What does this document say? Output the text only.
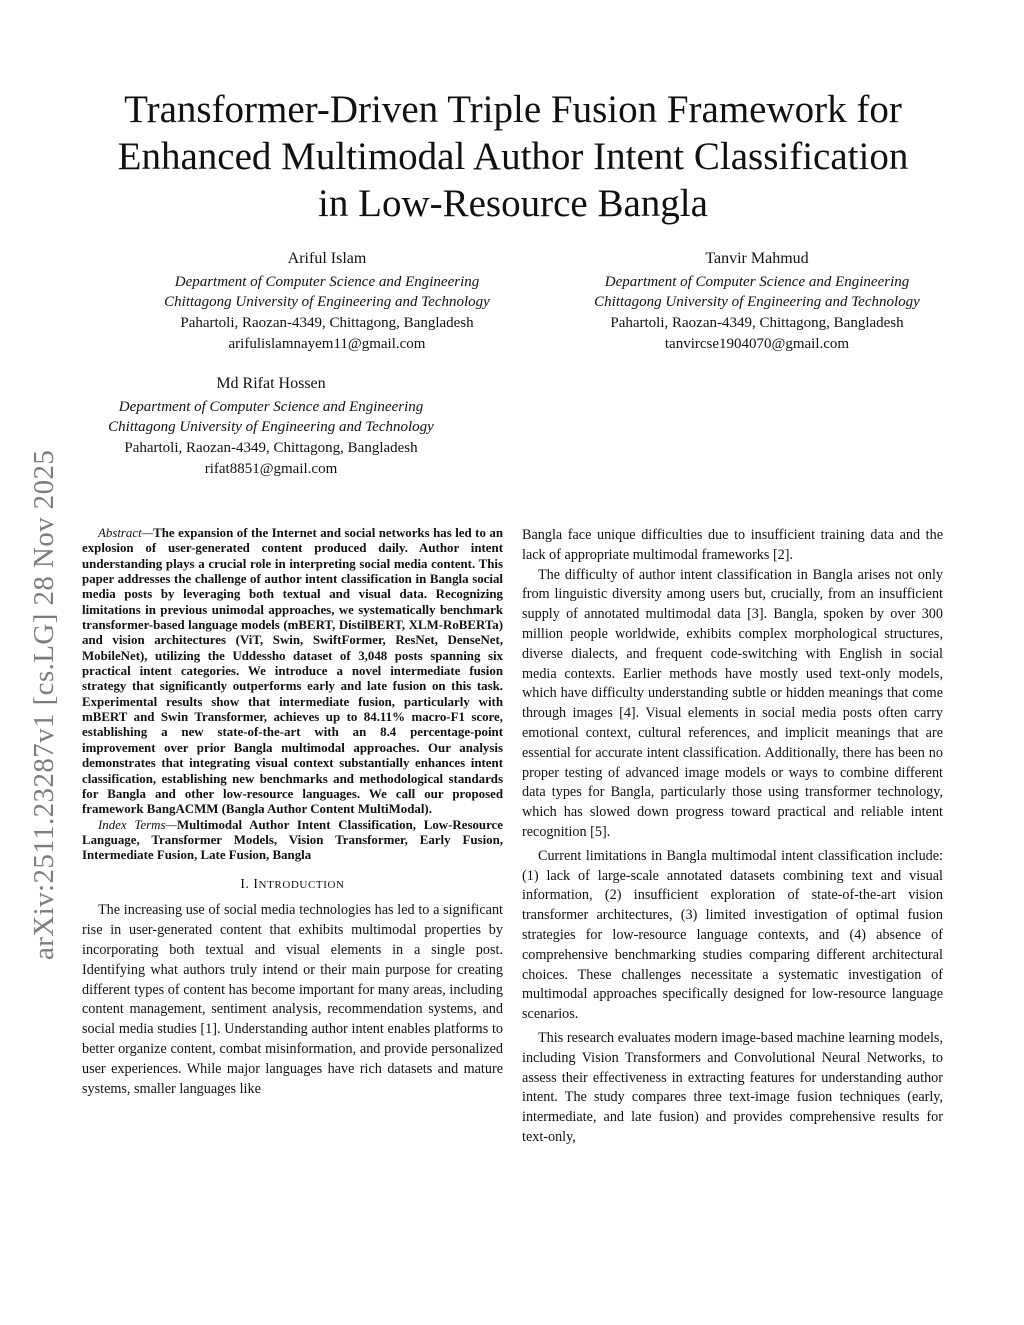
arXiv:2511.23287v1 [cs.LG] 28 Nov 2025
Transformer-Driven Triple Fusion Framework for
Enhanced Multimodal Author Intent Classification
in Low-Resource Bangla
Ariful Islam
Department of Computer Science and Engineering
Chittagong University of Engineering and Technology
Pahartoli, Raozan-4349, Chittagong, Bangladesh
arifulislamnayem11@gmail.com
Tanvir Mahmud
Department of Computer Science and Engineering
Chittagong University of Engineering and Technology
Pahartoli, Raozan-4349, Chittagong, Bangladesh
tanvircse1904070@gmail.com
Md Rifat Hossen
Department of Computer Science and Engineering
Chittagong University of Engineering and Technology
Pahartoli, Raozan-4349, Chittagong, Bangladesh
rifat8851@gmail.com

Abstract—The expansion of the Internet and social networks has led to an explosion of user-generated content produced daily. Author intent understanding plays a crucial role in interpreting social media content. This paper addresses the challenge of author intent classification in Bangla social media posts by leveraging both textual and visual data. Recognizing limitations in previous unimodal approaches, we systematically benchmark transformer-based language models (mBERT, DistilBERT, XLM-RoBERTa) and vision architectures (ViT, Swin, SwiftFormer, ResNet, DenseNet, MobileNet), utilizing the Uddessho dataset of 3,048 posts spanning six practical intent categories. We introduce a novel intermediate fusion strategy that significantly outperforms early and late fusion on this task. Experimental results show that intermediate fusion, particularly with mBERT and Swin Transformer, achieves up to 84.11% macro-F1 score, establishing a new state-of-the-art with an 8.4 percentage-point improvement over prior Bangla multimodal approaches. Our analysis demonstrates that integrating visual context substantially enhances intent classification, establishing new benchmarks and methodological standards for Bangla and other low-resource languages. We call our proposed framework BangACMM (Bangla Author Content MultiModal).

Index Terms—Multimodal Author Intent Classification, Low-Resource Language, Transformer Models, Vision Transformer, Early Fusion, Intermediate Fusion, Late Fusion, Bangla

I. INTRODUCTION

The increasing use of social media technologies has led to a significant rise in user-generated content that exhibits multimodal properties by incorporating both textual and visual elements in a single post. Identifying what authors truly intend or their main purpose for creating different types of content has become important for many areas, including content management, sentiment analysis, recommendation systems, and social media studies [1]. Understanding author intent enables platforms to better organize content, combat misinformation, and provide personalized user experiences. While major languages have rich datasets and mature systems, smaller languages like

Bangla face unique difficulties due to insufficient training data and the lack of appropriate multimodal frameworks [2].

The difficulty of author intent classification in Bangla arises not only from linguistic diversity among users but, crucially, from an insufficient supply of annotated multimodal data [3]. Bangla, spoken by over 300 million people worldwide, exhibits complex morphological structures, diverse dialects, and frequent code-switching with English in social media contexts. Earlier methods have mostly used text-only models, which have difficulty understanding subtle or hidden meanings that come through images [4]. Visual elements in social media posts often carry emotional context, cultural references, and implicit meanings that are essential for accurate intent classification. Additionally, there has been no proper testing of advanced image models or ways to combine different data types for Bangla, particularly those using transformer technology, which has slowed down progress toward practical and reliable intent recognition [5].

Current limitations in Bangla multimodal intent classification include: (1) lack of large-scale annotated datasets combining text and visual information, (2) insufficient exploration of state-of-the-art vision transformer architectures, (3) limited investigation of optimal fusion strategies for low-resource language contexts, and (4) absence of comprehensive benchmarking studies comparing different architectural choices. These challenges necessitate a systematic investigation of multimodal approaches specifically designed for low-resource language scenarios.

This research evaluates modern image-based machine learning models, including Vision Transformers and Convolutional Neural Networks, to assess their effectiveness in extracting features for understanding author intent. The study compares three text-image fusion techniques (early, intermediate, and late fusion) and provides comprehensive results for text-only,
